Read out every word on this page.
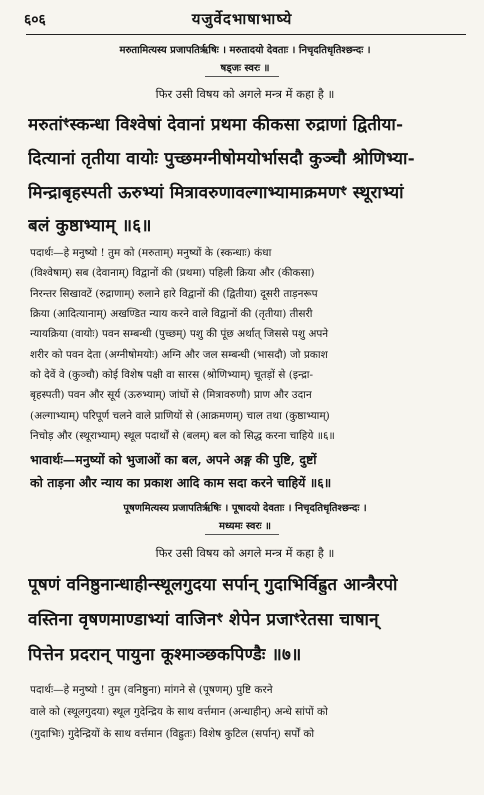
६०६	यजुर्वेदभाषाभाष्ये
मरुतामित्यस्य प्रजापतिर्ऋषिः । मरुतादयो देवताः । निचृदतिधृतिश्छन्दः ।
षड्जः स्वरः ॥
फिर उसी विषय को अगले मन्त्र में कहा है ॥
मरुतांꣳस्कन्धा विश्वेषां देवानां प्रथमा कीकसा रुद्राणां द्वितीया-
दित्यानां तृतीया वायोः पुच्छमग्नीषोमयोर्भासदौ कुञ्चौ श्रोणिभ्या-
मिन्द्राबृहस्पती ऊरुभ्यां मित्रावरुणावल्गाभ्यामाक्रमणꣳ स्थूराभ्यां
बलं कुष्ठाभ्याम् ॥६॥
पदार्थः—हे मनुष्यो ! तुम को (मरुताम्) मनुष्यों के (स्कन्धाः) कंधा
(विश्वेषाम्) सब (देवानाम्) विद्वानों की (प्रथमा) पहिली क्रिया और (कीकसा)
निरन्तर सिखावटें (रुद्राणाम्) रुलाने हारे विद्वानों की (द्वितीया) दूसरी ताड़नरूप
क्रिया (आदित्यानाम्) अखण्डित न्याय करने वाले विद्वानों की (तृतीया) तीसरी
न्यायक्रिया (वायोः) पवन सम्बन्धी (पुच्छम्) पशु की पूंछ अर्थात् जिससे पशु अपने
शरीर को पवन देता (अग्नीषोमयोः) अग्नि और जल सम्बन्धी (भासदौ) जो प्रकाश
को देवें वे (कुञ्चौ) कोई विशेष पक्षी वा सारस (श्रोणिभ्याम्) चूतड़ों से (इन्द्रा-
बृहस्पती) पवन और सूर्य (ऊरुभ्याम्) जांघों से (मित्रावरुणौ) प्राण और उदान
(अल्गाभ्याम्) परिपूर्ण चलने वाले प्राणियों से (आक्रमणम्) चाल तथा (कुष्ठाभ्याम्)
निचोड़ और (स्थूराभ्याम्) स्थूल पदार्थों से (बलम्) बल को सिद्ध करना चाहिये ॥६॥
भावार्थः—मनुष्यों को भुजाओं का बल, अपने अङ्ग की पुष्टि, दुष्टों
को ताड़ना और न्याय का प्रकाश आदि काम सदा करने चाहियें ॥६॥
पूषणमित्यस्य प्रजापतिर्ऋषिः । पूषादयो देवताः । निचृदतिधृतिश्छन्दः ।
मध्यमः स्वरः ॥
फिर उसी विषय को अगले मन्त्र में कहा है ॥
पूषणं वनिष्ठुनान्धाहीन्स्थूलगुदया सर्पान् गुदाभिर्विह्रुत आन्त्रैरपो
वस्तिना वृषणमाण्डाभ्यां वाजिनꣳ शेपेन प्रजाꣳरेतसा चाषान्
पित्तेन प्रदरान् पायुना कूश्माञ्छकपिण्डैः ॥७॥
पदार्थः—हे मनुष्यो ! तुम (वनिष्ठुना) मांगने से (पूषणम्) पुष्टि करने
वाले को (स्थूलगुदया) स्थूल गुदेन्द्रिय के साथ वर्त्तमान (अन्धाहीन्) अन्धे सांपों को
(गुदाभिः) गुदेन्द्रियों के साथ वर्त्तमान (विह्रुतः) विशेष कुटिल (सर्पान्) सर्पों को
